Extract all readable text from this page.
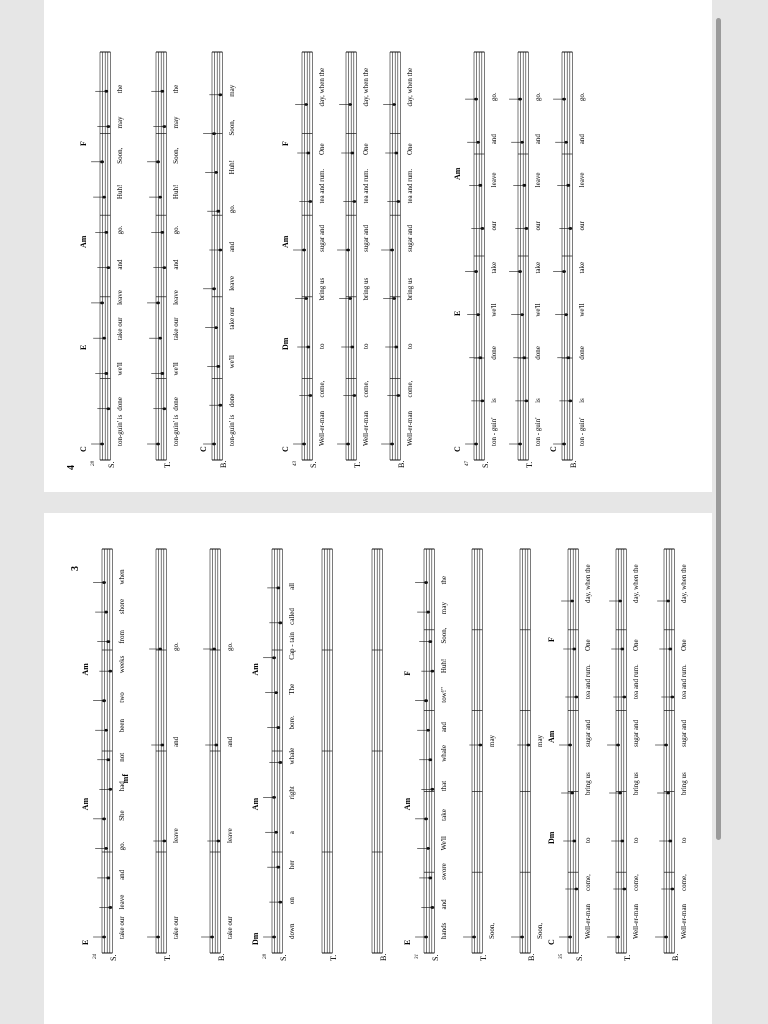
4
28
C
E
Am
F
S.
ton-guin' is
done
we'll
take our
leave
and
go.
Huh!
Soon,
may
the
T.
ton-guin' is
done
we'll
take our
leave
and
go.
Huh!
Soon,
may
the
B.
C
ton-guin' is
done
we'll
take our
leave
and
go.
Huh!
Soon,
may
43
C
Dm
Am
F
S.
Well-er-man
come,
to
bring us
sugar and
tea and rum.
One
day, when the
T.
Well-er-man
come,
to
bring us
sugar and
tea and rum.
One
day, when the
B.
Well-er-man
come,
to
bring us
sugar and
tea and rum.
One
day, when the
47
C
E
Am
S.
ton - guin'
is
done
we'll
take
our
leave
and
go.
T.
ton - guin'
is
done
we'll
take
our
leave
and
go.
B.
C
ton - guin'
is
done
we'll
take
our
leave
and
go.
3
24
E
Am
Am
mf
S.
take our
leave
and
go.
She
had
not
been
two
weeks
from
shore
when
T.
take our
leave
and
go.
B.
take our
leave
and
go.
28
Dm
Am
Am
S.
down
on
her
a
right
whale
bore.
The
Cap - tain
called
all
T.	B.	31
E
Am
F
S.
hands
and
swore
We'll
take
that
whale
and
tow!"
Huh!
Soon,
may
the
T.
Soon,
may
B.
Soon,
may
35
C
Dm
Am
F
S.
Well-er-man
come,
to
bring us
sugar and
tea and rum.
One
day, when the
T.
Well-er-man
come,
to
bring us
sugar and
tea and rum.
One
day, when the
B.
Well-er-man
come,
to
bring us
sugar and
tea and rum.
One
day, when the
